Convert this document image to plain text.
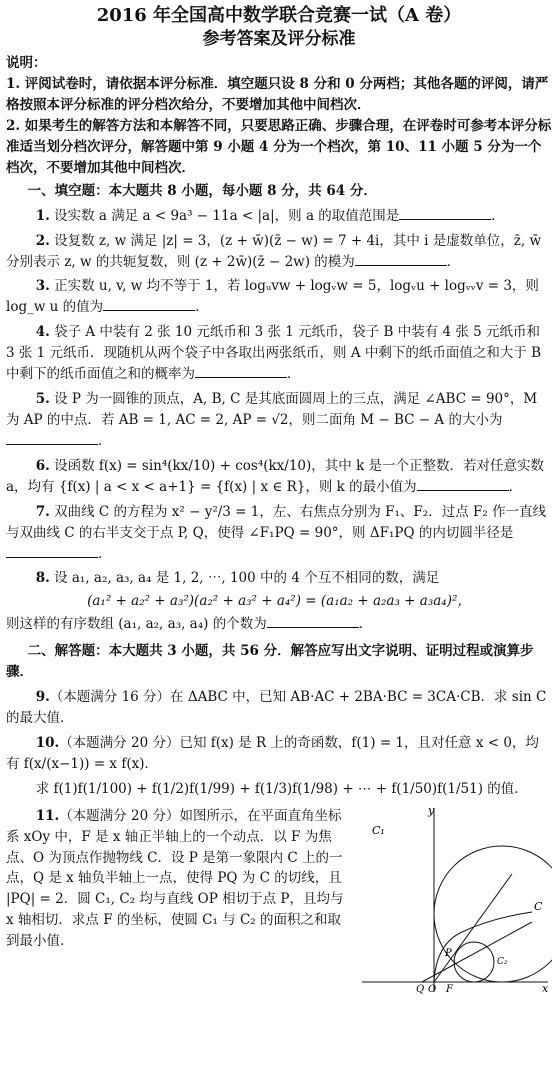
2016 年全国高中数学联合竞赛一试（A 卷）

参考答案及评分标准

说明：

1. 评阅试卷时，请依据本评分标准．填空题只设 8 分和 0 分两档；其他各题的评阅，请严格按照本评分标准的评分档次给分，不要增加其他中间档次．

2. 如果考生的解答方法和本解答不同，只要思路正确、步骤合理，在评卷时可参考本评分标准适当划分档次评分，解答题中第 9 小题 4 分为一个档次，第 10、11 小题 5 分为一个档次，不要增加其他中间档次．

一、填空题：本大题共 8 小题，每小题 8 分，共 64 分．

1. 设实数 a 满足 a < 9a³ − 11a < |a|，则 a 的取值范围是	．

2. 设复数 z, w 满足 |z| = 3，(z + w̄)(z̄ − w) = 7 + 4i，其中 i 是虚数单位，z̄, w̄ 分别表示 z, w 的共轭复数，则 (z + 2w̄)(z̄ − 2w) 的模为	．

3. 正实数 u, v, w 均不等于 1，若 logᵤvw + logᵥw = 5，logᵥu + logᵥᵥv = 3，则 log_w u 的值为	．

4. 袋子 A 中装有 2 张 10 元纸币和 3 张 1 元纸币，袋子 B 中装有 4 张 5 元纸币和 3 张 1 元纸币．现随机从两个袋子中各取出两张纸币，则 A 中剩下的纸币面值之和大于 B 中剩下的纸币面值之和的概率为	．

5. 设 P 为一圆锥的顶点，A, B, C 是其底面圆周上的三点，满足 ∠ABC = 90°，M 为 AP 的中点．若 AB = 1, AC = 2, AP = √2，则二面角 M − BC − A 的大小为．

6. 设函数 f(x) = sin⁴(kx/10) + cos⁴(kx/10)，其中 k 是一个正整数．若对任意实数 a，均有 {f(x) | a < x < a+1} = {f(x) | x ∈ R}，则 k 的最小值为	．

7. 双曲线 C 的方程为 x² − y²/3 = 1，左、右焦点分别为 F₁、F₂．过点 F₂ 作一直线与双曲线 C 的右半支交于点 P, Q，使得 ∠F₁PQ = 90°，则 ΔF₁PQ 的内切圆半径是．

8. 设 a₁, a₂, a₃, a₄ 是 1, 2, ⋯, 100 中的 4 个互不相同的数，满足

(a₁² + a₂² + a₃²)(a₂² + a₃² + a₄²) = (a₁a₂ + a₂a₃ + a₃a₄)²，

则这样的有序数组 (a₁, a₂, a₃, a₄) 的个数为	．

二、解答题：本大题共 3 小题，共 56 分．解答应写出文字说明、证明过程或演算步骤．

9.（本题满分 16 分）在 ΔABC 中，已知 AB·AC + 2BA·BC = 3CA·CB．求 sin C 的最大值．

10.（本题满分 20 分）已知 f(x) 是 R 上的奇函数，f(1) = 1，且对任意 x < 0，均有 f(x/(x−1)) = x f(x)．

求 f(1)f(1/100) + f(1/2)f(1/99) + f(1/3)f(1/98) + ⋯ + f(1/50)f(1/51) 的值．

11.（本题满分 20 分）如图所示，在平面直角坐标系 xOy 中，F 是 x 轴正半轴上的一个动点．以 F 为焦点、O 为顶点作抛物线 C．设 P 是第一象限内 C 上的一点，Q 是 x 轴负半轴上一点，使得 PQ 为 C 的切线，且 |PQ| = 2．圆 C₁, C₂ 均与直线 OP 相切于点 P，且均与 x 轴相切．求点 F 的坐标，使圆 C₁ 与 C₂ 的面积之和取到最小值．

y
x
C₁
C₂
C
P
Q O F
